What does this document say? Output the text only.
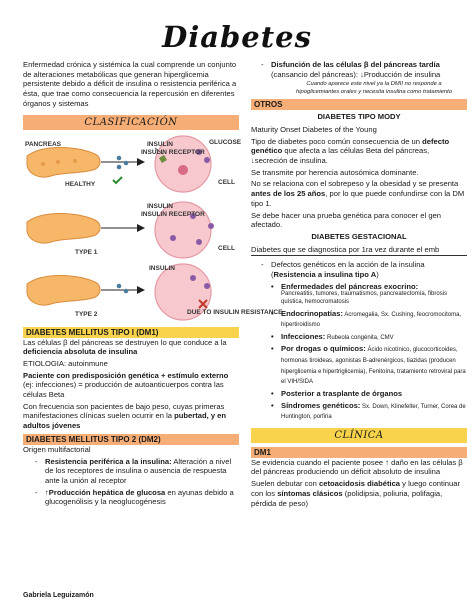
Diabetes

Enfermedad crónica y sistémica la cual comprende un conjunto de alteraciones metabólicas que generan hiperglicemia persistente debido a déficit de insulina o resistencia periférica a ésta, que trae como consecuencia la repercusión en diferentes órganos y sistemas

CLASIFICACIÓN
PANCREAS	INSULIN
INSULIN RECEPTOR
GLUCOSE
CELL
HEALTHY
INSULIN
INSULIN RECEPTOR
CELL
TYPE 1
INSULIN
DUE TO INSULIN RESISTANCE
TYPE 2
DIABETES MELLITUS TIPO I (DM1)

Las células β del páncreas se destruyen lo que conduce a la deficiencia absoluta de insulina

ETIOLOGIA: autoinmune

Paciente con predisposición genética + estímulo externo (ej: infecciones) = producción de autoanticuerpos contra las células Beta

Con frecuencia son pacientes de bajo peso, cuyas primeras manifestaciones clínicas suelen ocurrir en la pubertad, y en adultos jóvenes

DIABETES MELLITUS TIPO 2 (DM2)

Origen multifactorial

- Resistencia periférica a la insulina: Alteración a nivel de los receptores de insulina o ausencia de respuesta ante la unión al receptor
- ↑Producción hepática de glucosa en ayunas debido a glucogenólisis y la neoglucogénesis
- Disfunción de las células β del páncreas tardía (cansancio del páncreas): ↓Producción de insulina

Cuando aparece este nivel ya la DMII no responde a hipoglicemiantes orales y necesita insulina como tratamiento

OTROS
DIABETES TIPO MODY

Maturity Onset Diabetes of the Young

Tipo de diabetes poco común consecuencia de un defecto genético que afecta a las células Beta del páncreas, ↓secreción de insulina.

Se transmite por herencia autosómica dominante.

No se relaciona con el sobrepeso y la obesidad y se presenta antes de los 25 años, por lo que puede confundirse con la DM tipo 1.

Se debe hacer una prueba genética para conocer el gen afectado.

DIABETES GESTACIONAL

Diabetes que se diagnostica por 1ra vez durante el emb

- Defectos genéticos en la acción de la insulina (Resistencia a insulina tipo A)
• Enfermedades del páncreas exocrino:
Pancreatitis, tumores, traumatismos, pancreatectomía, fibrosis quística, hemocromatosis
• Endocrinopatías: Acromegalia, Sx. Cushing, feocromocitoma, hipertiroidismo
• Infecciones: Rubeola congénita, CMV
• Por drogas o químicos: Ácido nicotínico, glucocorticoides, hormonas tiroideas, agonistas B-adrenérgicos, tiazidas (producen hiperglicemia e hipertriglicemia), Fenitoína, tratamiento retroviral para el VIH/SIDA
• Posterior a trasplante de órganos
• Síndromes genéticos: Sx. Down, Klinefelter, Turner, Corea de Huntington, porfiria
CLÍNICA
DM1

Se evidencia cuando el paciente posee ↑ daño en las células β del páncreas produciendo un déficit absoluto de insulina

Suelen debutar con cetoacidosis diabética y luego continuar con los síntomas clásicos (polidipsia, poliuria, polifagia, pérdida de peso)

Gabriela Leguizamón
